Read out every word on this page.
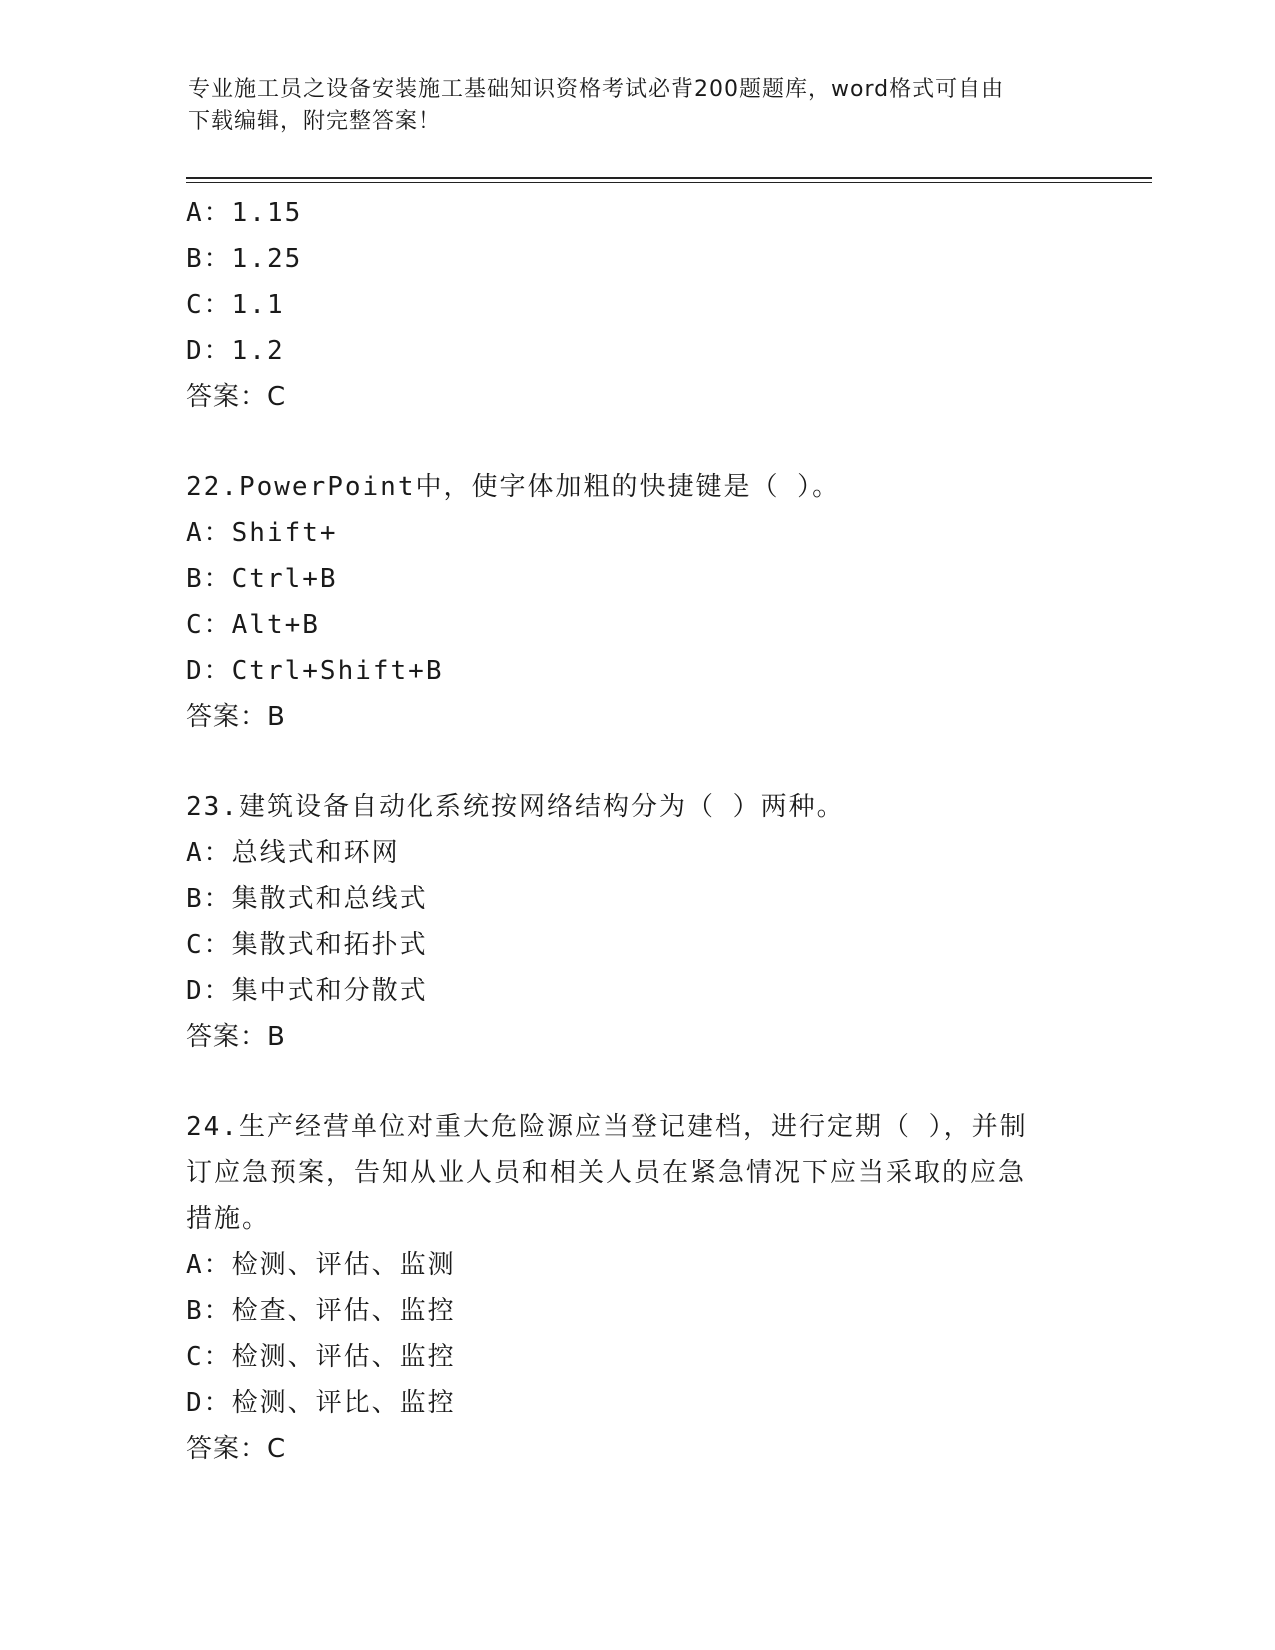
专业施工员之设备安装施工基础知识资格考试必背200题题库，word格式可自由
下载编辑，附完整答案！
A：1.15
B：1.25
C：1.1
D：1.2
答案：C
22.PowerPoint中，使字体加粗的快捷键是（ ）。
A：Shift+
B：Ctrl+B
C：Alt+B
D：Ctrl+Shift+B
答案：B
23.建筑设备自动化系统按网络结构分为（ ）两种。
A：总线式和环网
B：集散式和总线式
C：集散式和拓扑式
D：集中式和分散式
答案：B
24.生产经营单位对重大危险源应当登记建档，进行定期（ ），并制
订应急预案，告知从业人员和相关人员在紧急情况下应当采取的应急
措施。
A：检测、评估、监测
B：检查、评估、监控
C：检测、评估、监控
D：检测、评比、监控
答案：C
